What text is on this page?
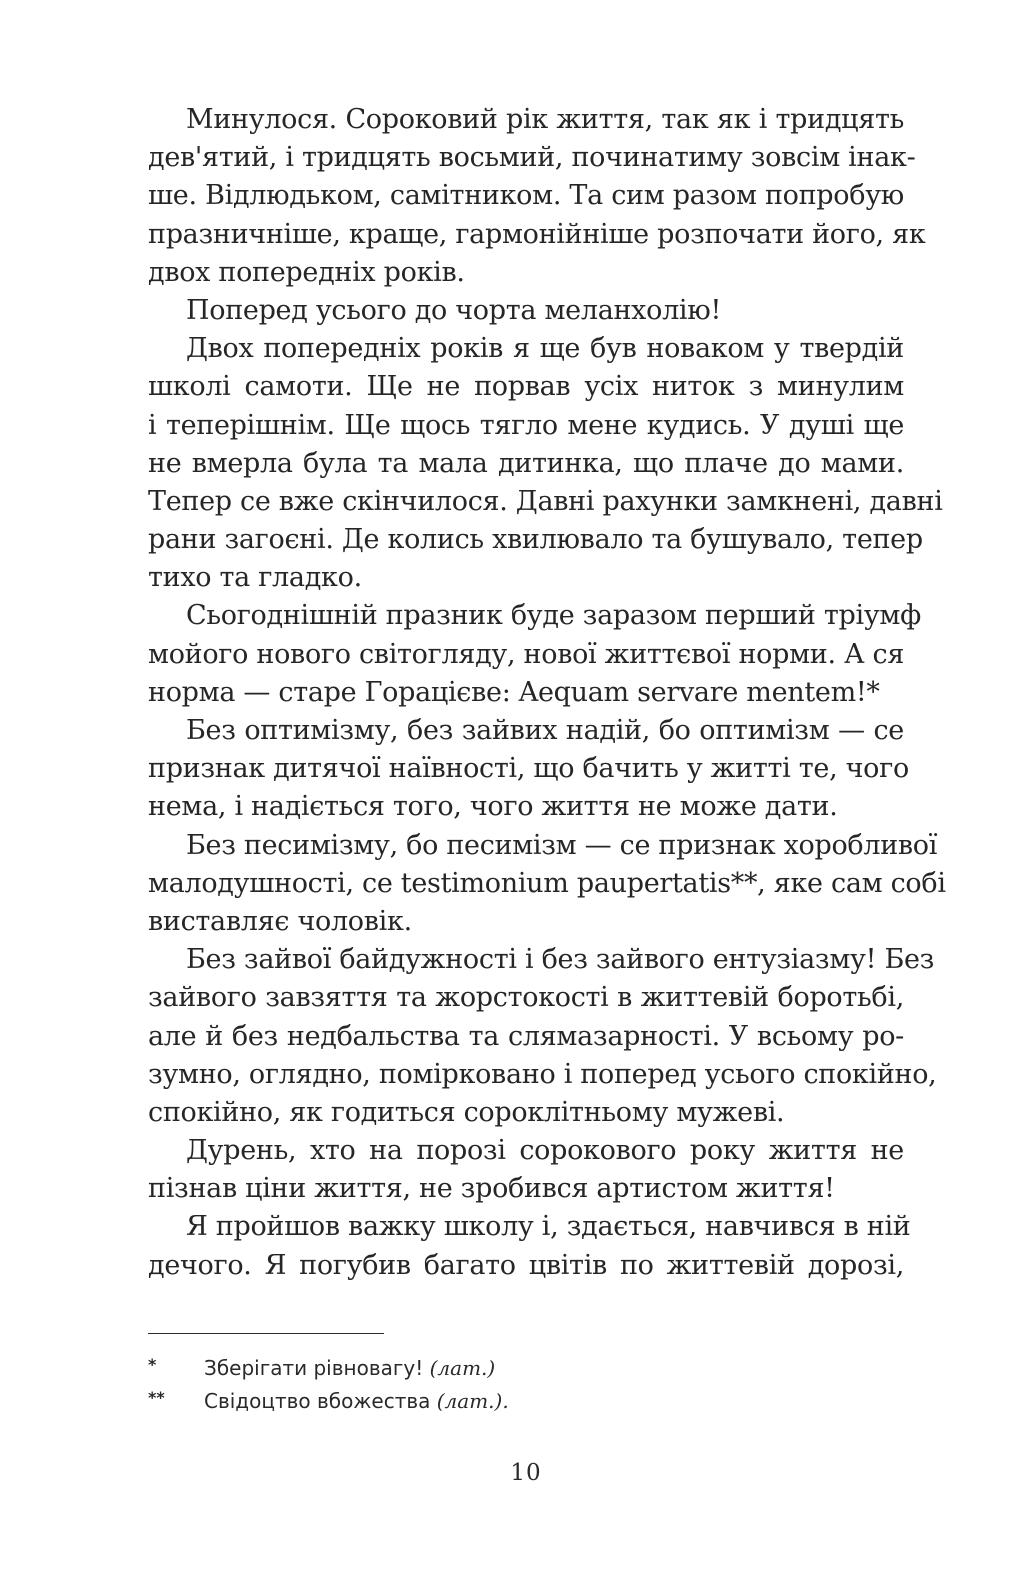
Минулося. Сороковий рік життя, так як і тридцять
дев'ятий, і тридцять восьмий, починатиму зовсім інак-
ше. Відлюдьком, самітником. Та сим разом попробую
празничніше, краще, гармонійніше розпочати його, як
двох попередніх років.
Поперед усього до чорта меланхолію!
Двох попередніх років я ще був новаком у твердій
школі самоти. Ще не порвав усіх ниток з минулим
і теперішнім. Ще щось тягло мене кудись. У душі ще
не вмерла була та мала дитинка, що плаче до мами.
Тепер се вже скінчилося. Давні рахунки замкнені, давні
рани загоєні. Де колись хвилювало та бушувало, тепер
тихо та гладко.
Сьогоднішній празник буде заразом перший тріумф
мойого нового світогляду, нової життєвої норми. А ся
норма — старе Горацієве: Aequam servare mentem!*
Без оптимізму, без зайвих надій, бо оптимізм — се
признак дитячої наївності, що бачить у житті те, чого
нема, і надіється того, чого життя не може дати.
Без песимізму, бо песимізм — се признак хоробливої
малодушності, се testimonium paupertatis**, яке сам собі
виставляє чоловік.
Без зайвої байдужності і без зайвого ентузіазму! Без
зайвого завзяття та жорстокості в життевій боротьбі,
але й без недбальства та слямазарності. У всьому ро-
зумно, оглядно, помірковано і поперед усього спокійно,
спокійно, як годиться сороклітньому мужеві.
Дурень, хто на порозі сорокового року життя не
пізнав ціни життя, не зробився артистом життя!
Я пройшов важку школу і, здається, навчився в ній
дечого. Я погубив багато цвітів по життевій дорозі,
* Зберігати рівновагу! (лат.)
** Свідоцтво вбожества (лат.).
10
